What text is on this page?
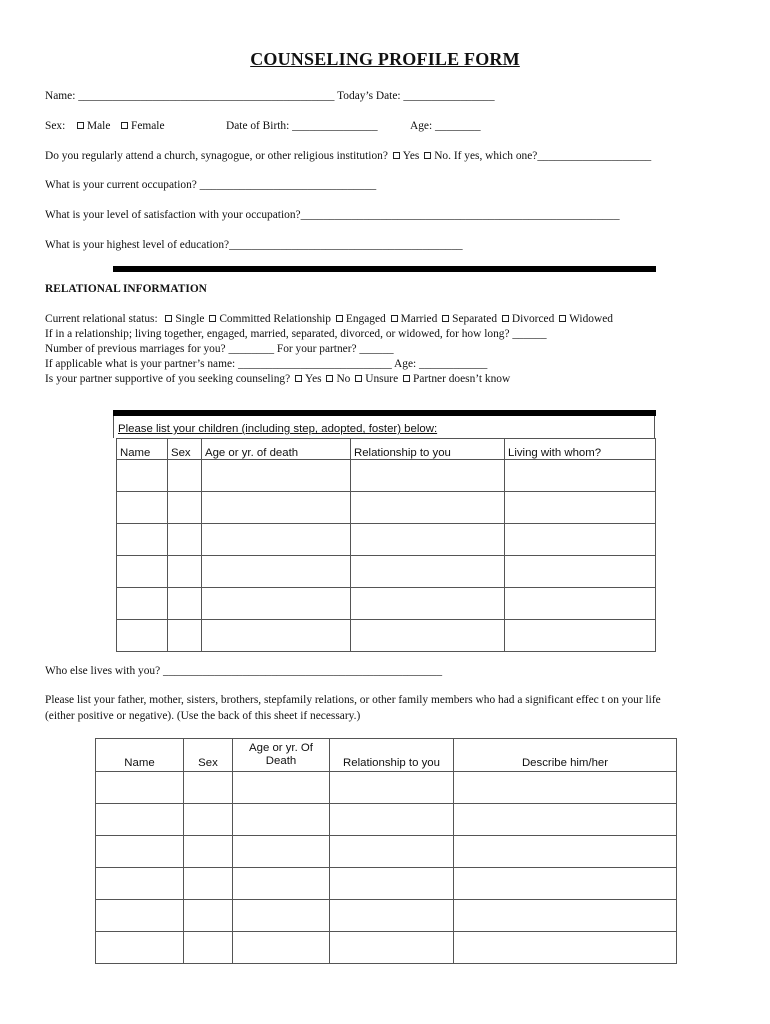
COUNSELING PROFILE FORM
Name: _____________________________________________ Today’s Date: ________________
Sex:	Male	Female	Date of Birth: _______________	Age: ________
Do you regularly attend a church, synagogue, or other religious institution? Yes No. If yes, which one?____________________
What is your current occupation? _______________________________
What is your level of satisfaction with your occupation?________________________________________________________
What is your highest level of education?_________________________________________
RELATIONAL INFORMATION
Current relational status: Single Committed Relationship Engaged Married Separated Divorced Widowed
If in a relationship; living together, engaged, married, separated, divorced, or widowed, for how long? ______
Number of previous marriages for you? ________ For your partner? ______
If applicable what is your partner’s name: ___________________________ Age: ____________
Is your partner supportive of you seeking counseling? Yes No Unsure Partner doesn’t know
Please list your children (including step, adopted, foster) below:
Name	Sex	Age or yr. of death	Relationship to you	Living with whom?

Who else lives with you? _________________________________________________
Please list your father, mother, sisters, brothers, stepfamily relations, or other family members who had a significant effec t on your life
(either positive or negative). (Use the back of this sheet if necessary.)
Name	Sex	Age or yr. Of Death	Relationship to you	Describe him/her
